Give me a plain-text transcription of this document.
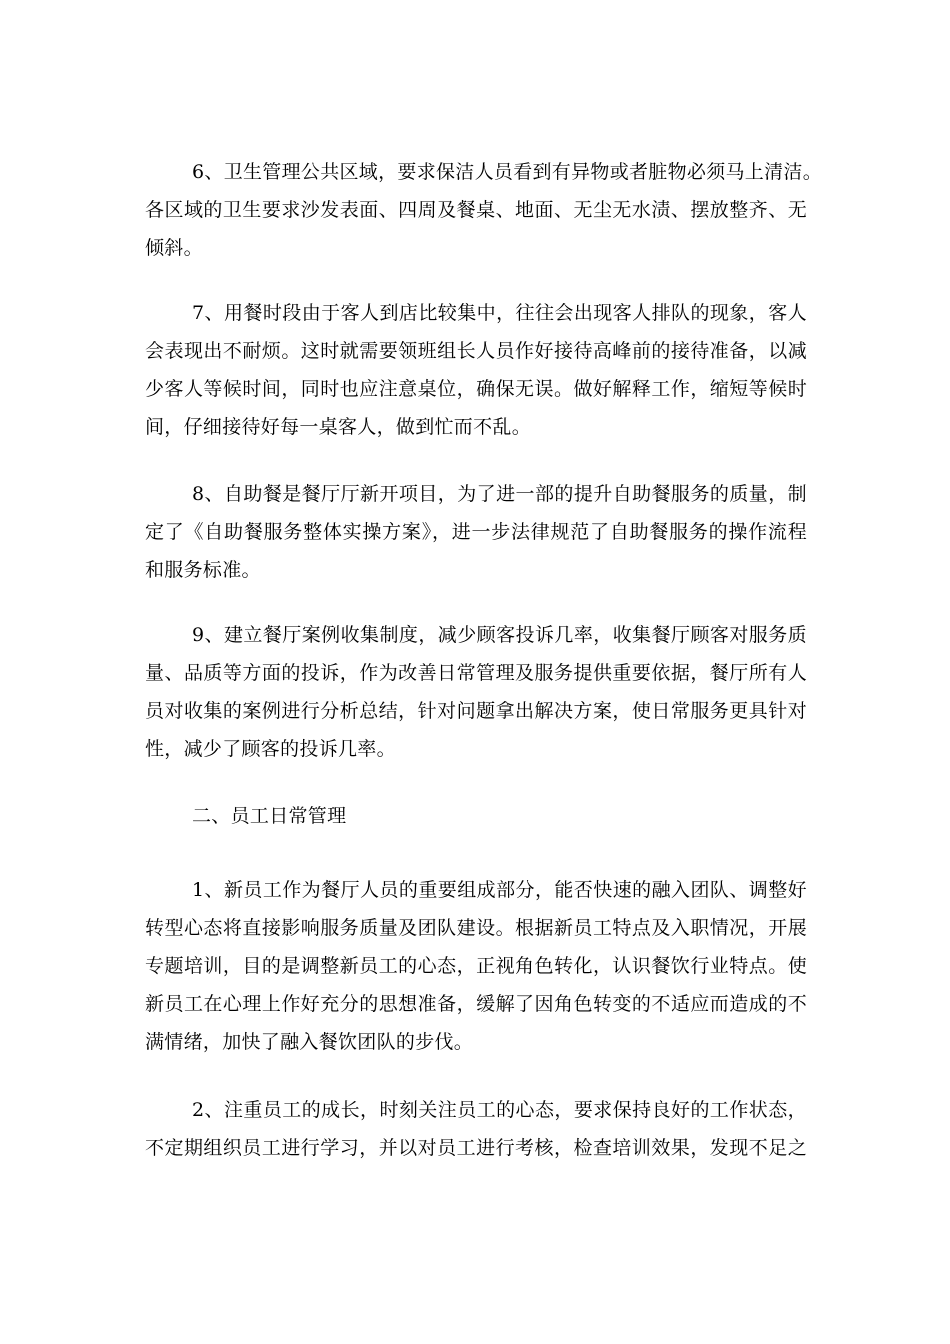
6、卫生管理公共区域，要求保洁人员看到有异物或者脏物必须马上清洁。
各区域的卫生要求沙发表面、四周及餐桌、地面、无尘无水渍、摆放整齐、无
倾斜。
7、用餐时段由于客人到店比较集中，往往会出现客人排队的现象，客人
会表现出不耐烦。这时就需要领班组长人员作好接待高峰前的接待准备，以减
少客人等候时间，同时也应注意桌位，确保无误。做好解释工作，缩短等候时
间，仔细接待好每一桌客人，做到忙而不乱。
8、自助餐是餐厅厅新开项目，为了进一部的提升自助餐服务的质量，制
定了《自助餐服务整体实操方案》，进一步法律规范了自助餐服务的操作流程
和服务标准。
9、建立餐厅案例收集制度，减少顾客投诉几率，收集餐厅顾客对服务质
量、品质等方面的投诉，作为改善日常管理及服务提供重要依据，餐厅所有人
员对收集的案例进行分析总结，针对问题拿出解决方案，使日常服务更具针对
性，减少了顾客的投诉几率。
二、员工日常管理
1、新员工作为餐厅人员的重要组成部分，能否快速的融入团队、调整好
转型心态将直接影响服务质量及团队建设。根据新员工特点及入职情况，开展
专题培训，目的是调整新员工的心态，正视角色转化，认识餐饮行业特点。使
新员工在心理上作好充分的思想准备，缓解了因角色转变的不适应而造成的不
满情绪，加快了融入餐饮团队的步伐。
2、注重员工的成长，时刻关注员工的心态，要求保持良好的工作状态，
不定期组织员工进行学习，并以对员工进行考核，检查培训效果，发现不足之
